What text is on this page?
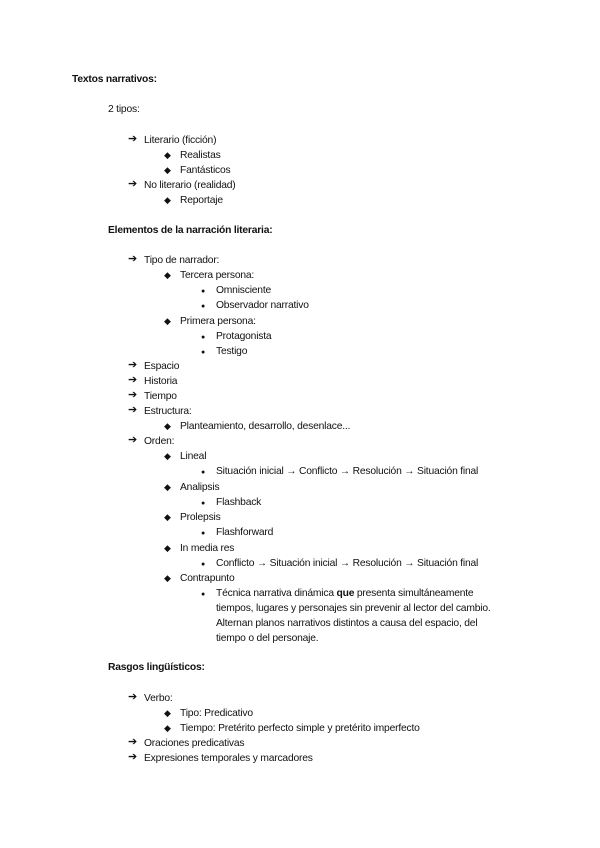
Textos narrativos:
2 tipos:
➔ Literario (ficción)
◆ Realistas
◆ Fantásticos
➔ No literario (realidad)
◆ Reportaje
Elementos de la narración literaria:
➔ Tipo de narrador:
◆ Tercera persona:
● Omnisciente
● Observador narrativo
◆ Primera persona:
● Protagonista
● Testigo
➔ Espacio
➔ Historia
➔ Tiempo
➔ Estructura:
◆ Planteamiento, desarrollo, desenlace...
➔ Orden:
◆ Lineal
● Situación inicial → Conflicto → Resolución → Situación final
◆ Analipsis
● Flashback
◆ Prolepsis
● Flashforward
◆ In media res
● Conflicto → Situación inicial → Resolución → Situación final
◆ Contrapunto
● Técnica narrativa dinámica que presenta simultáneamente
tiempos, lugares y personajes sin prevenir al lector del cambio.
Alternan planos narrativos distintos a causa del espacio, del
tiempo o del personaje.
Rasgos lingüísticos:
➔ Verbo:
◆ Tipo: Predicativo
◆ Tiempo: Pretérito perfecto simple y pretérito imperfecto
➔ Oraciones predicativas
➔ Expresiones temporales y marcadores
